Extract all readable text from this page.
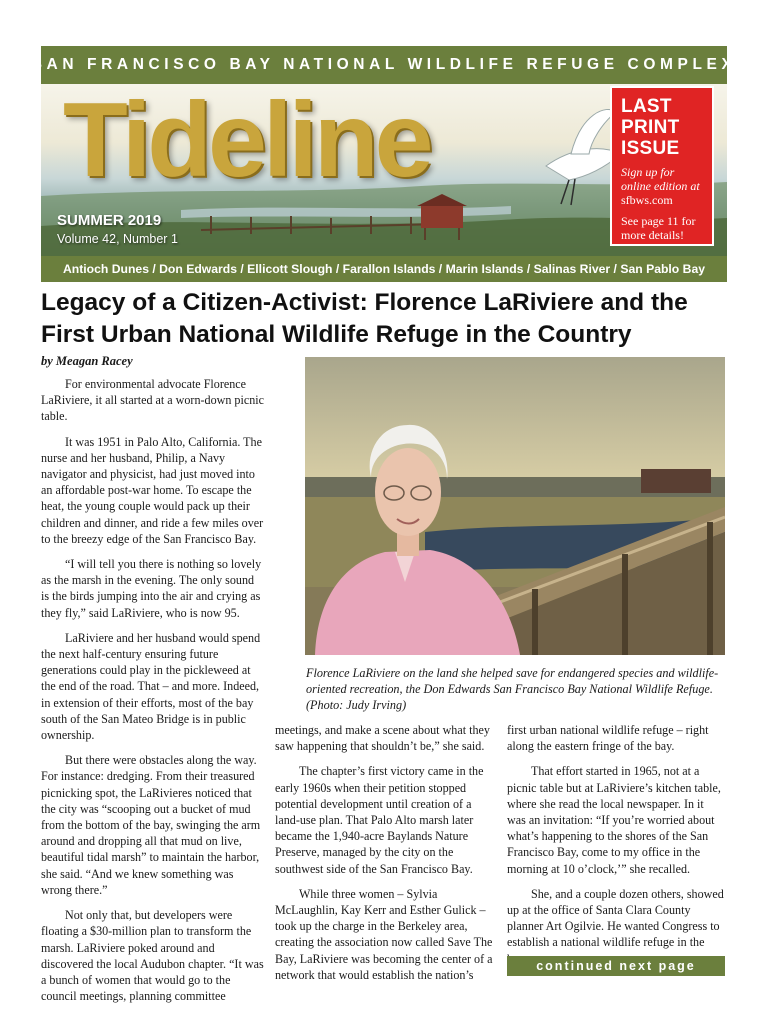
SAN FRANCISCO BAY NATIONAL WILDLIFE REFUGE COMPLEX
Tideline
SUMMER 2019
Volume 42, Number 1
LAST PRINT ISSUE
Sign up for online edition at sfbws.com
See page 11 for more details!
Antioch Dunes / Don Edwards / Ellicott Slough / Farallon Islands / Marin Islands / Salinas River / San Pablo Bay
Legacy of a Citizen-Activist: Florence LaRiviere and the First Urban National Wildlife Refuge in the Country
by Meagan Racey

For environmental advocate Florence LaRiviere, it all started at a worn-down picnic table.

It was 1951 in Palo Alto, California. The nurse and her husband, Philip, a Navy navigator and physicist, had just moved into an affordable post-war home. To escape the heat, the young couple would pack up their children and dinner, and ride a few miles over to the breezy edge of the San Francisco Bay.

“I will tell you there is nothing so lovely as the marsh in the evening. The only sound is the birds jumping into the air and crying as they fly,” said LaRiviere, who is now 95.

LaRiviere and her husband would spend the next half-century ensuring future generations could play in the pickleweed at the end of the road. That – and more. Indeed, in extension of their efforts, most of the bay south of the San Mateo Bridge is in public ownership.

But there were obstacles along the way. For instance: dredging. From their treasured picnicking spot, the LaRivieres noticed that the city was “scooping out a bucket of mud from the bottom of the bay, swinging the arm around and dropping all that mud on live, beautiful tidal marsh” to maintain the harbor, she said. “And we knew something was wrong there.”

Not only that, but developers were floating a $30-million plan to transform the marsh. LaRiviere poked around and discovered the local Audubon chapter. “It was a bunch of women that would go to the council meetings, planning committee

Florence LaRiviere on the land she helped save for endangered species and wildlife-oriented recreation, the Don Edwards San Francisco Bay National Wildlife Refuge. (Photo: Judy Irving)

meetings, and make a scene about what they saw happening that shouldn’t be,” she said.

The chapter’s first victory came in the early 1960s when their petition stopped potential development until creation of a land-use plan. That Palo Alto marsh later became the 1,940-acre Baylands Nature Preserve, managed by the city on the southwest side of the San Francisco Bay.

While three women – Sylvia McLaughlin, Kay Kerr and Esther Gulick – took up the charge in the Berkeley area, creating the association now called Save The Bay, LaRiviere was becoming the center of a network that would establish the nation’s

first urban national wildlife refuge – right along the eastern fringe of the bay.

That effort started in 1965, not at a picnic table but at LaRiviere’s kitchen table, where she read the local newspaper. In it was an invitation: “If you’re worried about what’s happening to the shores of the San Francisco Bay, come to my office in the morning at 10 o’clock,’” she recalled.

She, and a couple dozen others, showed up at the office of Santa Clara County planner Art Ogilvie. He wanted Congress to establish a national wildlife refuge in the

continued next page
